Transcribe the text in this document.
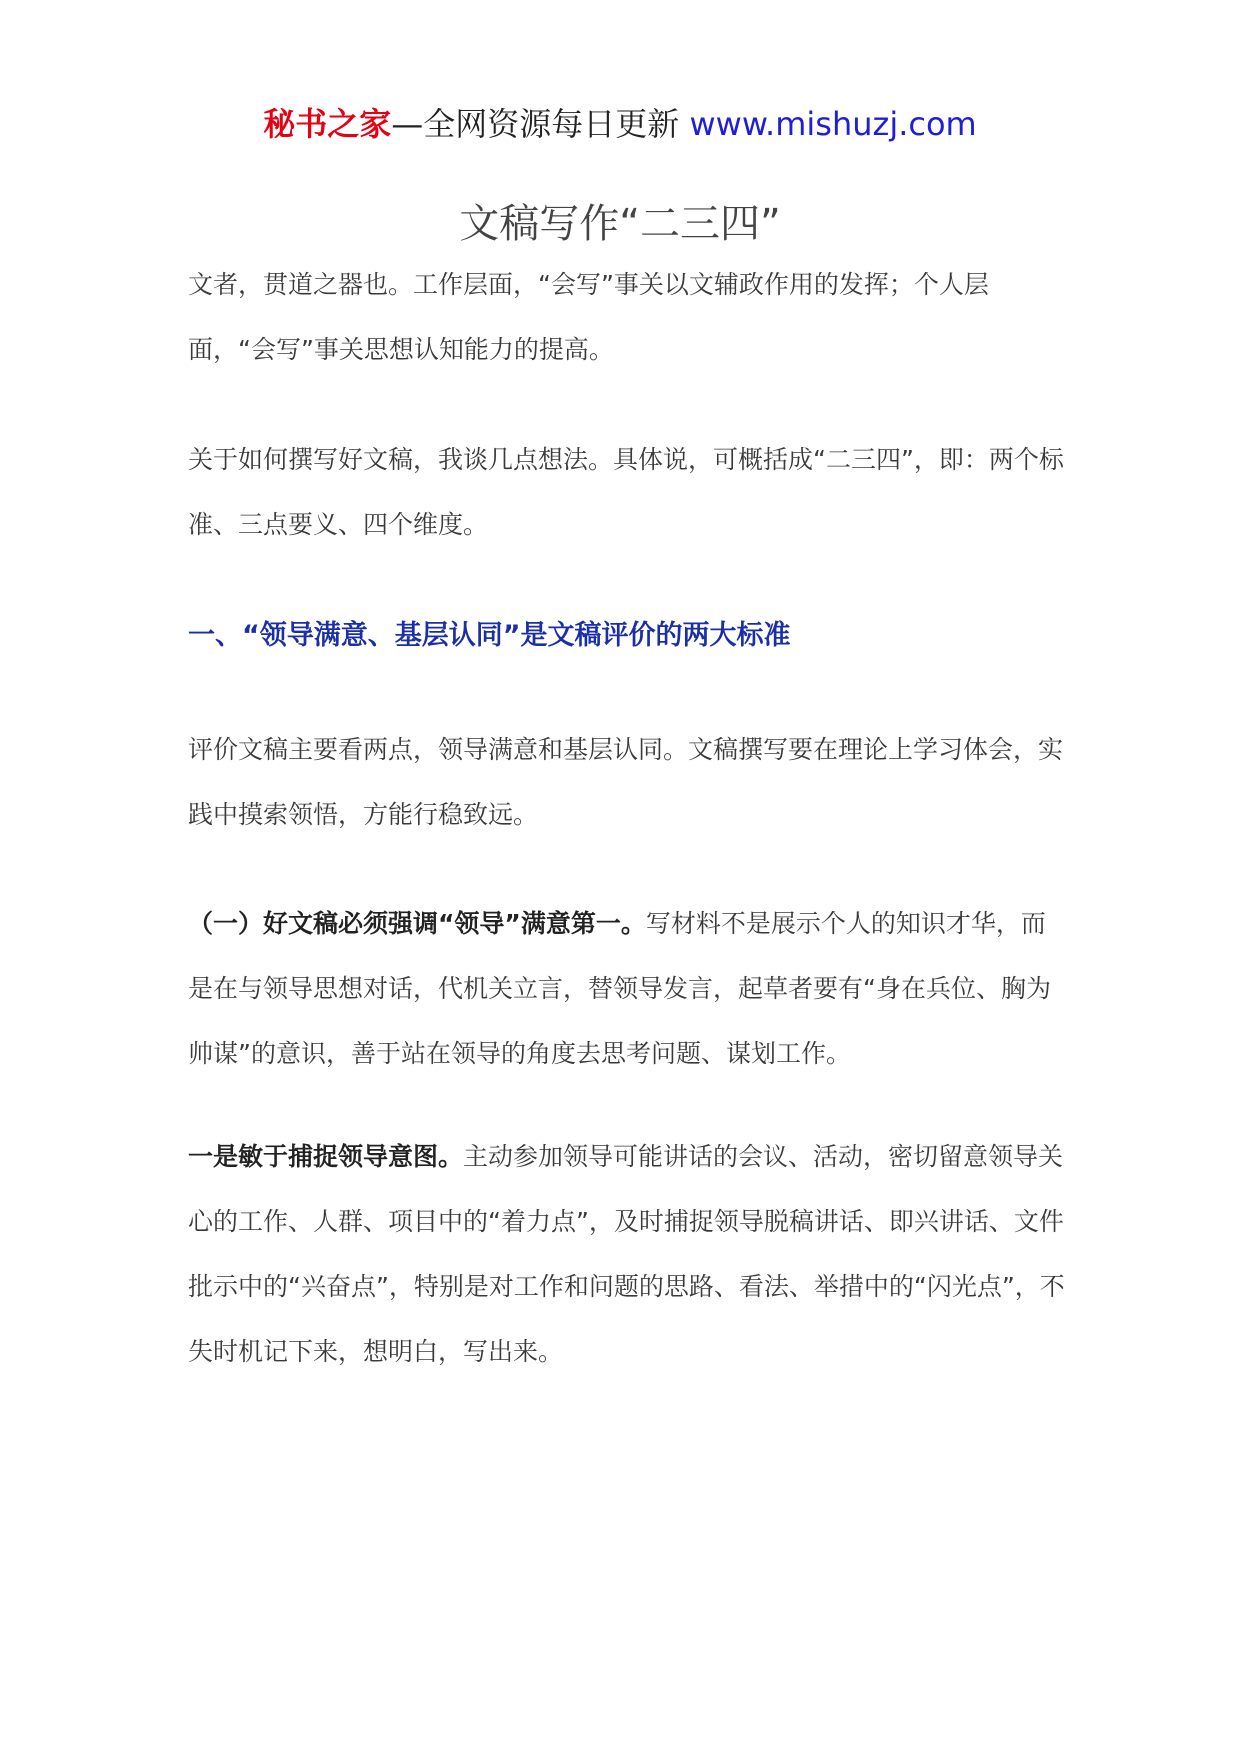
秘书之家—全网资源每日更新 www.mishuzj.com
文稿写作“二三四”

文者，贯道之器也。工作层面，“会写”事关以文辅政作用的发挥；个人层面，“会写”事关思想认知能力的提高。

关于如何撰写好文稿，我谈几点想法。具体说，可概括成“二三四”，即：两个标准、三点要义、四个维度。

一、“领导满意、基层认同”是文稿评价的两大标准

评价文稿主要看两点，领导满意和基层认同。文稿撰写要在理论上学习体会，实践中摸索领悟，方能行稳致远。

（一）好文稿必须强调“领导”满意第一。写材料不是展示个人的知识才华，而是在与领导思想对话，代机关立言，替领导发言，起草者要有“身在兵位、胸为帅谋”的意识，善于站在领导的角度去思考问题、谋划工作。

一是敏于捕捉领导意图。主动参加领导可能讲话的会议、活动，密切留意领导关心的工作、人群、项目中的“着力点”，及时捕捉领导脱稿讲话、即兴讲话、文件批示中的“兴奋点”，特别是对工作和问题的思路、看法、举措中的“闪光点”，不失时机记下来，想明白，写出来。
